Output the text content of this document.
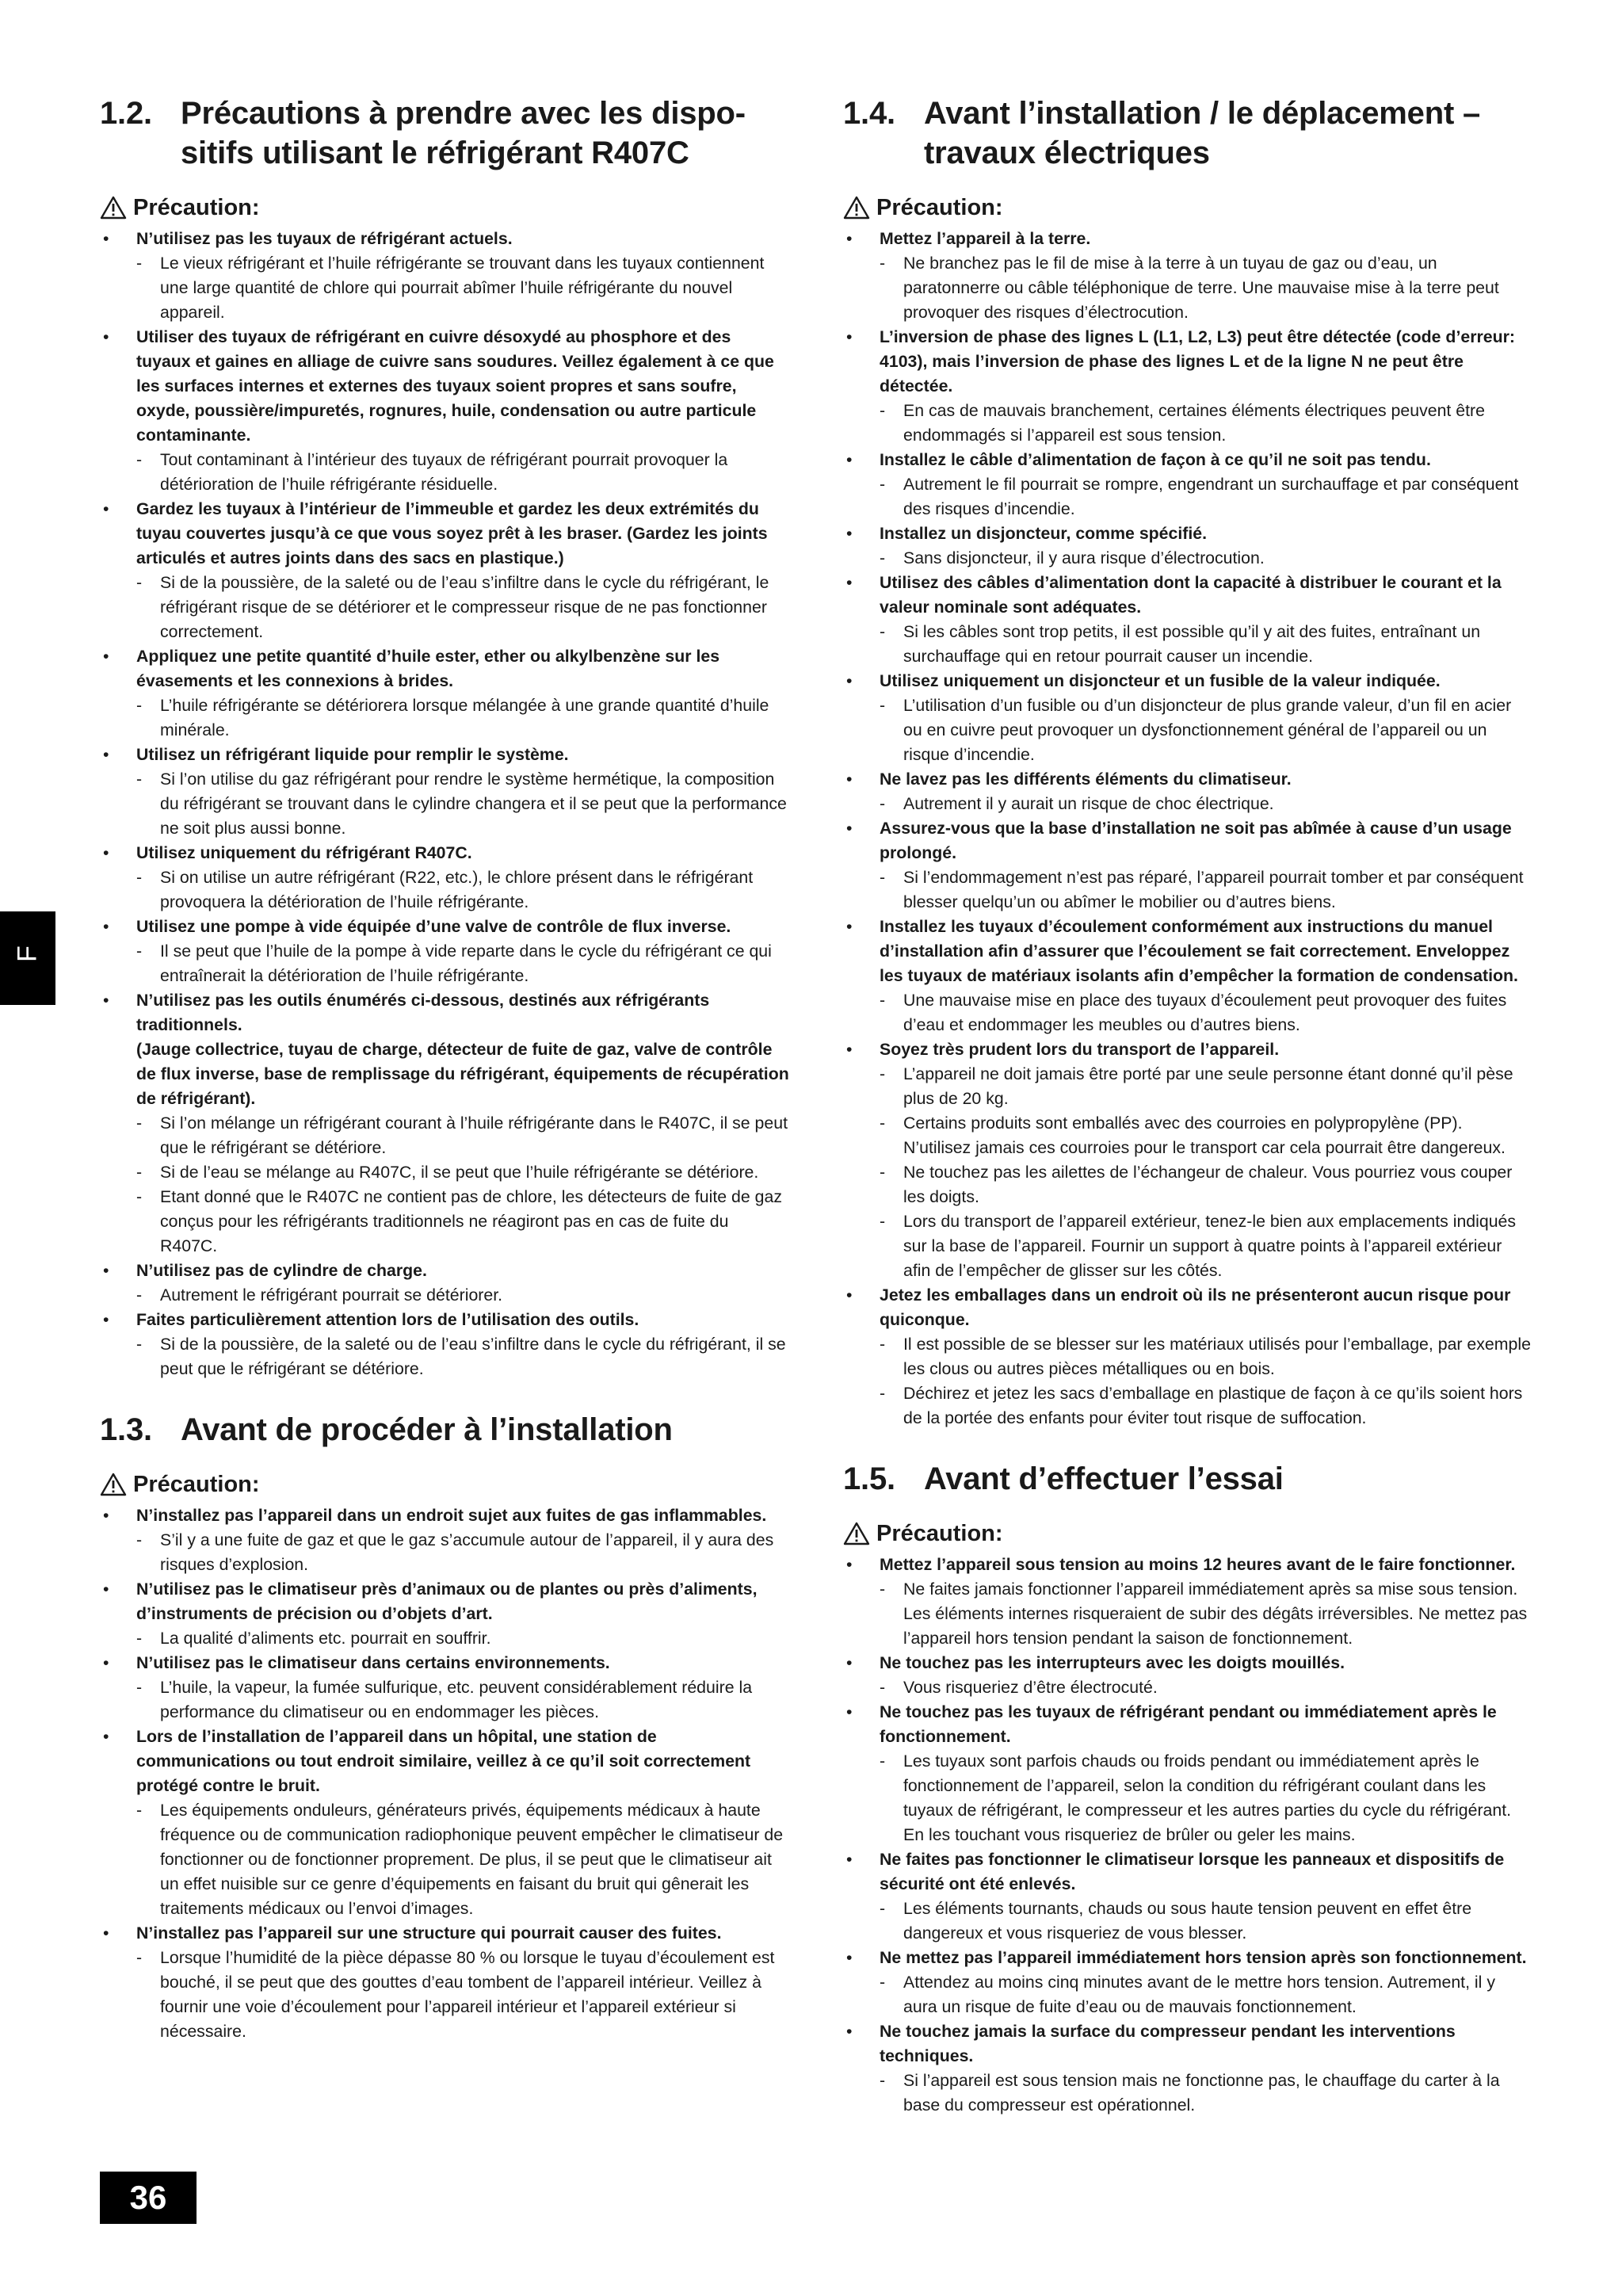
1.2. Précautions à prendre avec les dispo-sitifs utilisant le réfrigérant R407C
Précaution:
• N’utilisez pas les tuyaux de réfrigérant actuels.
- Le vieux réfrigérant et l’huile réfrigérante se trouvant dans les tuyaux contiennent une large quantité de chlore qui pourrait abîmer l’huile réfrigérante du nouvel appareil.
• Utiliser des tuyaux de réfrigérant en cuivre désoxydé au phosphore et des tuyaux et gaines en alliage de cuivre sans soudures. Veillez également à ce que les surfaces internes et externes des tuyaux soient propres et sans soufre, oxyde, poussière/impuretés, rognures, huile, condensation ou autre particule contaminante.
- Tout contaminant à l’intérieur des tuyaux de réfrigérant pourrait provoquer la détérioration de l’huile réfrigérante résiduelle.
• Gardez les tuyaux à l’intérieur de l’immeuble et gardez les deux extrémités du tuyau couvertes jusqu’à ce que vous soyez prêt à les braser. (Gardez les joints articulés et autres joints dans des sacs en plastique.)
- Si de la poussière, de la saleté ou de l’eau s’infiltre dans le cycle du réfrigérant, le réfrigérant risque de se détériorer et le compresseur risque de ne pas fonctionner correctement.
• Appliquez une petite quantité d’huile ester, ether ou alkylbenzène sur les évasements et les connexions à brides.
- L’huile réfrigérante se détériorera lorsque mélangée à une grande quantité d’huile minérale.
• Utilisez un réfrigérant liquide pour remplir le système.
- Si l’on utilise du gaz réfrigérant pour rendre le système hermétique, la composition du réfrigérant se trouvant dans le cylindre changera et il se peut que la performance ne soit plus aussi bonne.
• Utilisez uniquement du réfrigérant R407C.
- Si on utilise un autre réfrigérant (R22, etc.), le chlore présent dans le réfrigérant provoquera la détérioration de l’huile réfrigérante.
• Utilisez une pompe à vide équipée d’une valve de contrôle de flux inverse.
- Il se peut que l’huile de la pompe à vide reparte dans le cycle du réfrigérant ce qui entraînerait la détérioration de l’huile réfrigérante.
• N’utilisez pas les outils énumérés ci-dessous, destinés aux réfrigérants traditionnels.
(Jauge collectrice, tuyau de charge, détecteur de fuite de gaz, valve de contrôle de flux inverse, base de remplissage du réfrigérant, équipements de récupération de réfrigérant).
- Si l’on mélange un réfrigérant courant à l’huile réfrigérante dans le R407C, il se peut que le réfrigérant se détériore.
- Si de l’eau se mélange au R407C, il se peut que l’huile réfrigérante se détériore.
- Etant donné que le R407C ne contient pas de chlore, les détecteurs de fuite de gaz conçus pour les réfrigérants traditionnels ne réagiront pas en cas de fuite du R407C.
• N’utilisez pas de cylindre de charge.
- Autrement le réfrigérant pourrait se détériorer.
• Faites particulièrement attention lors de l’utilisation des outils.
- Si de la poussière, de la saleté ou de l’eau s’infiltre dans le cycle du réfrigérant, il se peut que le réfrigérant se détériore.
1.3. Avant de procéder à l’installation
Précaution:
• N’installez pas l’appareil dans un endroit sujet aux fuites de gas inflammables.
- S’il y a une fuite de gaz et que le gaz s’accumule autour de l’appareil, il y aura des risques d’explosion.
• N’utilisez pas le climatiseur près d’animaux ou de plantes ou près d’aliments, d’instruments de précision ou d’objets d’art.
- La qualité d’aliments etc. pourrait en souffrir.
• N’utilisez pas le climatiseur dans certains environnements.
- L’huile, la vapeur, la fumée sulfurique, etc. peuvent considérablement réduire la performance du climatiseur ou en endommager les pièces.
• Lors de l’installation de l’appareil dans un hôpital, une station de communications ou tout endroit similaire, veillez à ce qu’il soit correctement protégé contre le bruit.
- Les équipements onduleurs, générateurs privés, équipements médicaux à haute fréquence ou de communication radiophonique peuvent empêcher le climatiseur de fonctionner ou de fonctionner proprement. De plus, il se peut que le climatiseur ait un effet nuisible sur ce genre d’équipements en faisant du bruit qui gênerait les traitements médicaux ou l’envoi d’images.
• N’installez pas l’appareil sur une structure qui pourrait causer des fuites.
- Lorsque l’humidité de la pièce dépasse 80 % ou lorsque le tuyau d’écoulement est bouché, il se peut que des gouttes d’eau tombent de l’appareil intérieur. Veillez à fournir une voie d’écoulement pour l’appareil intérieur et l’appareil extérieur si nécessaire.
1.4. Avant l’installation / le déplacement – travaux électriques
Précaution:
• Mettez l’appareil à la terre.
- Ne branchez pas le fil de mise à la terre à un tuyau de gaz ou d’eau, un paratonnerre ou câble téléphonique de terre. Une mauvaise mise à la terre peut provoquer des risques d’électrocution.
• L’inversion de phase des lignes L (L1, L2, L3) peut être détectée (code d’erreur: 4103), mais l’inversion de phase des lignes L et de la ligne N ne peut être détectée.
- En cas de mauvais branchement, certaines éléments électriques peuvent être endommagés si l’appareil est sous tension.
• Installez le câble d’alimentation de façon à ce qu’il ne soit pas tendu.
- Autrement le fil pourrait se rompre, engendrant un surchauffage et par conséquent des risques d’incendie.
• Installez un disjoncteur, comme spécifié.
- Sans disjoncteur, il y aura risque d’électrocution.
• Utilisez des câbles d’alimentation dont la capacité à distribuer le courant et la valeur nominale sont adéquates.
- Si les câbles sont trop petits, il est possible qu’il y ait des fuites, entraînant un surchauffage qui en retour pourrait causer un incendie.
• Utilisez uniquement un disjoncteur et un fusible de la valeur indiquée.
- L’utilisation d’un fusible ou d’un disjoncteur de plus grande valeur, d’un fil en acier ou en cuivre peut provoquer un dysfonctionnement général de l’appareil ou un risque d’incendie.
• Ne lavez pas les différents éléments du climatiseur.
- Autrement il y aurait un risque de choc électrique.
• Assurez-vous que la base d’installation ne soit pas abîmée à cause d’un usage prolongé.
- Si l’endommagement n’est pas réparé, l’appareil pourrait tomber et par conséquent blesser quelqu’un ou abîmer le mobilier ou d’autres biens.
• Installez les tuyaux d’écoulement conformément aux instructions du manuel d’installation afin d’assurer que l’écoulement se fait correctement. Enveloppez les tuyaux de matériaux isolants afin d’empêcher la formation de condensation.
- Une mauvaise mise en place des tuyaux d’écoulement peut provoquer des fuites d’eau et endommager les meubles ou d’autres biens.
• Soyez très prudent lors du transport de l’appareil.
- L’appareil ne doit jamais être porté par une seule personne étant donné qu’il pèse plus de 20 kg.
- Certains produits sont emballés avec des courroies en polypropylène (PP). N’utilisez jamais ces courroies pour le transport car cela pourrait être dangereux.
- Ne touchez pas les ailettes de l’échangeur de chaleur. Vous pourriez vous couper les doigts.
- Lors du transport de l’appareil extérieur, tenez-le bien aux emplacements indiqués sur la base de l’appareil. Fournir un support à quatre points à l’appareil extérieur afin de l’empêcher de glisser sur les côtés.
• Jetez les emballages dans un endroit où ils ne présenteront aucun risque pour quiconque.
- Il est possible de se blesser sur les matériaux utilisés pour l’emballage, par exemple les clous ou autres pièces métalliques ou en bois.
- Déchirez et jetez les sacs d’emballage en plastique de façon à ce qu’ils soient hors de la portée des enfants pour éviter tout risque de suffocation.
1.5. Avant d’effectuer l’essai
Précaution:
• Mettez l’appareil sous tension au moins 12 heures avant de le faire fonctionner.
- Ne faites jamais fonctionner l’appareil immédiatement après sa mise sous tension. Les éléments internes risqueraient de subir des dégâts irréversibles. Ne mettez pas l’appareil hors tension pendant la saison de fonctionnement.
• Ne touchez pas les interrupteurs avec les doigts mouillés.
- Vous risqueriez d’être électrocuté.
• Ne touchez pas les tuyaux de réfrigérant pendant ou immédiatement après le fonctionnement.
- Les tuyaux sont parfois chauds ou froids pendant ou immédiatement après le fonctionnement de l’appareil, selon la condition du réfrigérant coulant dans les tuyaux de réfrigérant, le compresseur et les autres parties du cycle du réfrigérant. En les touchant vous risqueriez de brûler ou geler les mains.
• Ne faites pas fonctionner le climatiseur lorsque les panneaux et dispositifs de sécurité ont été enlevés.
- Les éléments tournants, chauds ou sous haute tension peuvent en effet être dangereux et vous risqueriez de vous blesser.
• Ne mettez pas l’appareil immédiatement hors tension après son fonctionnement.
- Attendez au moins cinq minutes avant de le mettre hors tension. Autrement, il y aura un risque de fuite d’eau ou de mauvais fonctionnement.
• Ne touchez jamais la surface du compresseur pendant les interventions techniques.
- Si l’appareil est sous tension mais ne fonctionne pas, le chauffage du carter à la base du compresseur est opérationnel.
F
36
